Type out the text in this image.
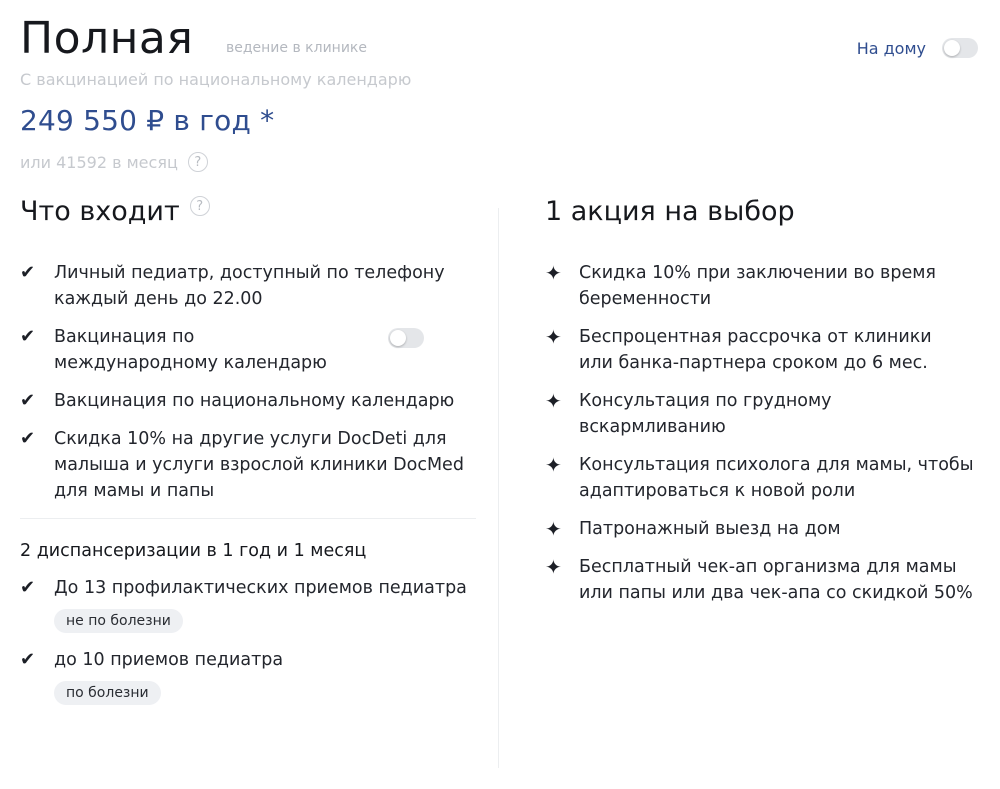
Полная ведение в клинике
С вакцинацией по национальному календарю
249 550 ₽ в год *
или 41592 в месяц	?
На дому
Что входит	?
✔	Личный педиатр, доступный по телефону каждый день до 22.00
✔	Вакцинация по международному календарю
✔	Вакцинация по национальному календарю
✔	Скидка 10% на другие услуги DocDeti для малыша и услуги взрослой клиники DocMed для мамы и папы
2 диспансеризации в 1 год и 1 месяц
✔	До 13 профилактических приемов педиатра
не по болезни
✔	до 10 приемов педиатра
по болезни
1 акция на выбор
✦ Скидка 10% при заключении во время беременности
✦ Беспроцентная рассрочка от клиники или банка-партнера сроком до 6 мес.
✦ Консультация по грудному вскармливанию
✦ Консультация психолога для мамы, чтобы адаптироваться к новой роли
✦ Патронажный выезд на дом
✦ Бесплатный чек-ап организма для мамы или папы или два чек-апа со скидкой 50%
